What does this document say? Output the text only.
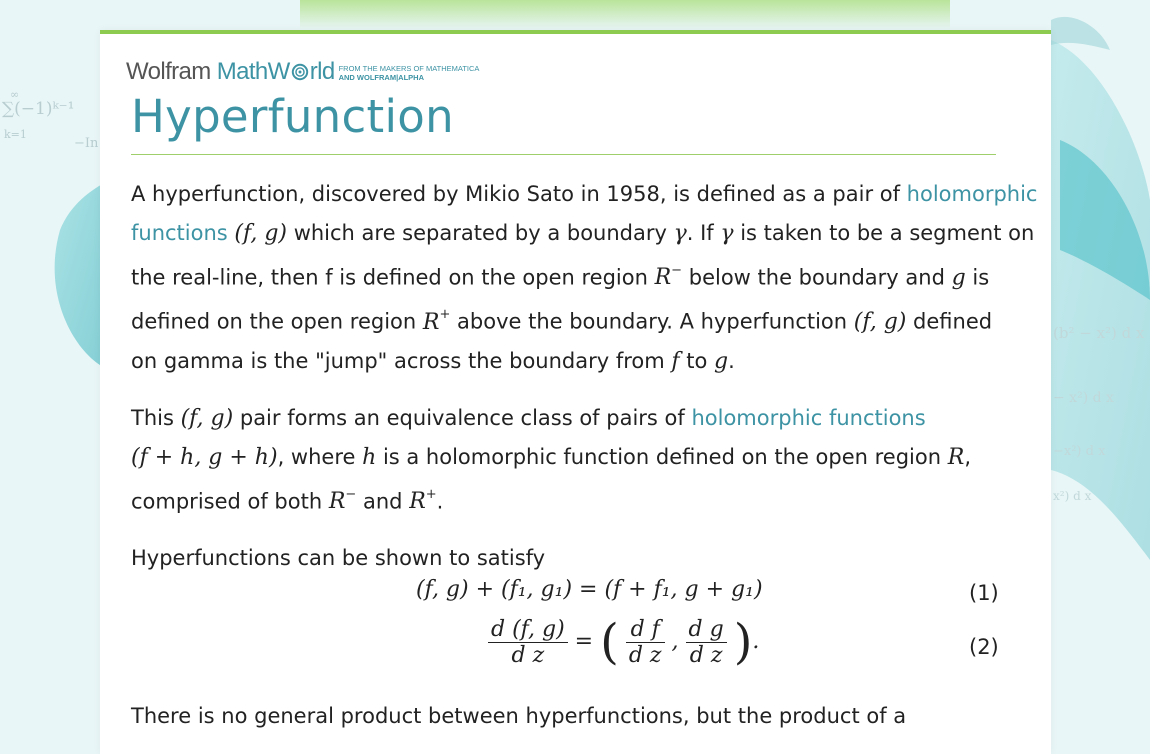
∞
∑(−1)ᵏ⁻¹
k=1
−In
(b² − x²) d x
− x²) d x
−x²) d x
x²) d x
Wolfram MathW rld FROM THE MAKERS OF MATHEMATICA
AND WOLFRAM|ALPHA
Hyperfunction

A hyperfunction, discovered by Mikio Sato in 1958, is defined as a pair of holomorphic
functions (f, g) which are separated by a boundary γ. If γ is taken to be a segment on
the real-line, then f is defined on the open region R− below the boundary and g is
defined on the open region R+ above the boundary. A hyperfunction (f, g) defined
on gamma is the "jump" across the boundary from f to g.

This (f, g) pair forms an equivalence class of pairs of holomorphic functions
(f + h, g + h), where h is a holomorphic function defined on the open region R,
comprised of both R− and R+.

Hyperfunctions can be shown to satisfy

(f, g) + (f₁, g₁) = (f + f₁, g + g₁)	(1)
$\frac{d (f, g)}{\text{d z}}$ = ( $\frac{\text{d f}}{\text{d z}}$ , $\frac{\text{d g}}{\text{d z}}$ ).	(2)
There is no general product between hyperfunctions, but the product of a
